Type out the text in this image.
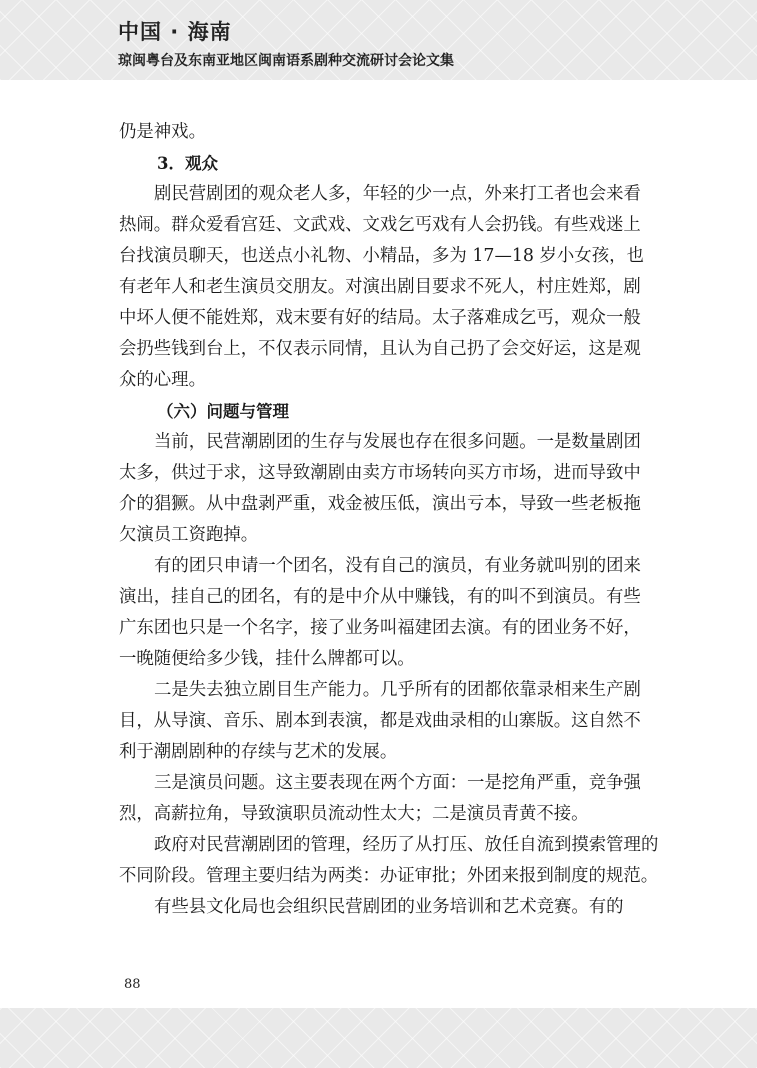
中国 · 海南
琼闽粤台及东南亚地区闽南语系剧种交流研讨会论文集
仍是神戏。
3．观众
剧民营剧团的观众老人多，年轻的少一点，外来打工者也会来看
热闹。群众爱看宫廷、文武戏、文戏乞丐戏有人会扔钱。有些戏迷上
台找演员聊天，也送点小礼物、小精品，多为 17—18 岁小女孩，也
有老年人和老生演员交朋友。对演出剧目要求不死人，村庄姓郑，剧
中坏人便不能姓郑，戏末要有好的结局。太子落难成乞丐，观众一般
会扔些钱到台上，不仅表示同情，且认为自己扔了会交好运，这是观
众的心理。
（六）问题与管理
当前，民营潮剧团的生存与发展也存在很多问题。一是数量剧团
太多，供过于求，这导致潮剧由卖方市场转向买方市场，进而导致中
介的猖獗。从中盘剥严重，戏金被压低，演出亏本，导致一些老板拖
欠演员工资跑掉。
有的团只申请一个团名，没有自己的演员，有业务就叫别的团来
演出，挂自己的团名，有的是中介从中赚钱，有的叫不到演员。有些
广东团也只是一个名字，接了业务叫福建团去演。有的团业务不好，
一晚随便给多少钱，挂什么牌都可以。
二是失去独立剧目生产能力。几乎所有的团都依靠录相来生产剧
目，从导演、音乐、剧本到表演，都是戏曲录相的山寨版。这自然不
利于潮剧剧种的存续与艺术的发展。
三是演员问题。这主要表现在两个方面：一是挖角严重，竞争强
烈，高薪拉角，导致演职员流动性太大；二是演员青黄不接。
政府对民营潮剧团的管理，经历了从打压、放任自流到摸索管理的
不同阶段。管理主要归结为两类：办证审批；外团来报到制度的规范。
有些县文化局也会组织民营剧团的业务培训和艺术竞赛。有的
88
